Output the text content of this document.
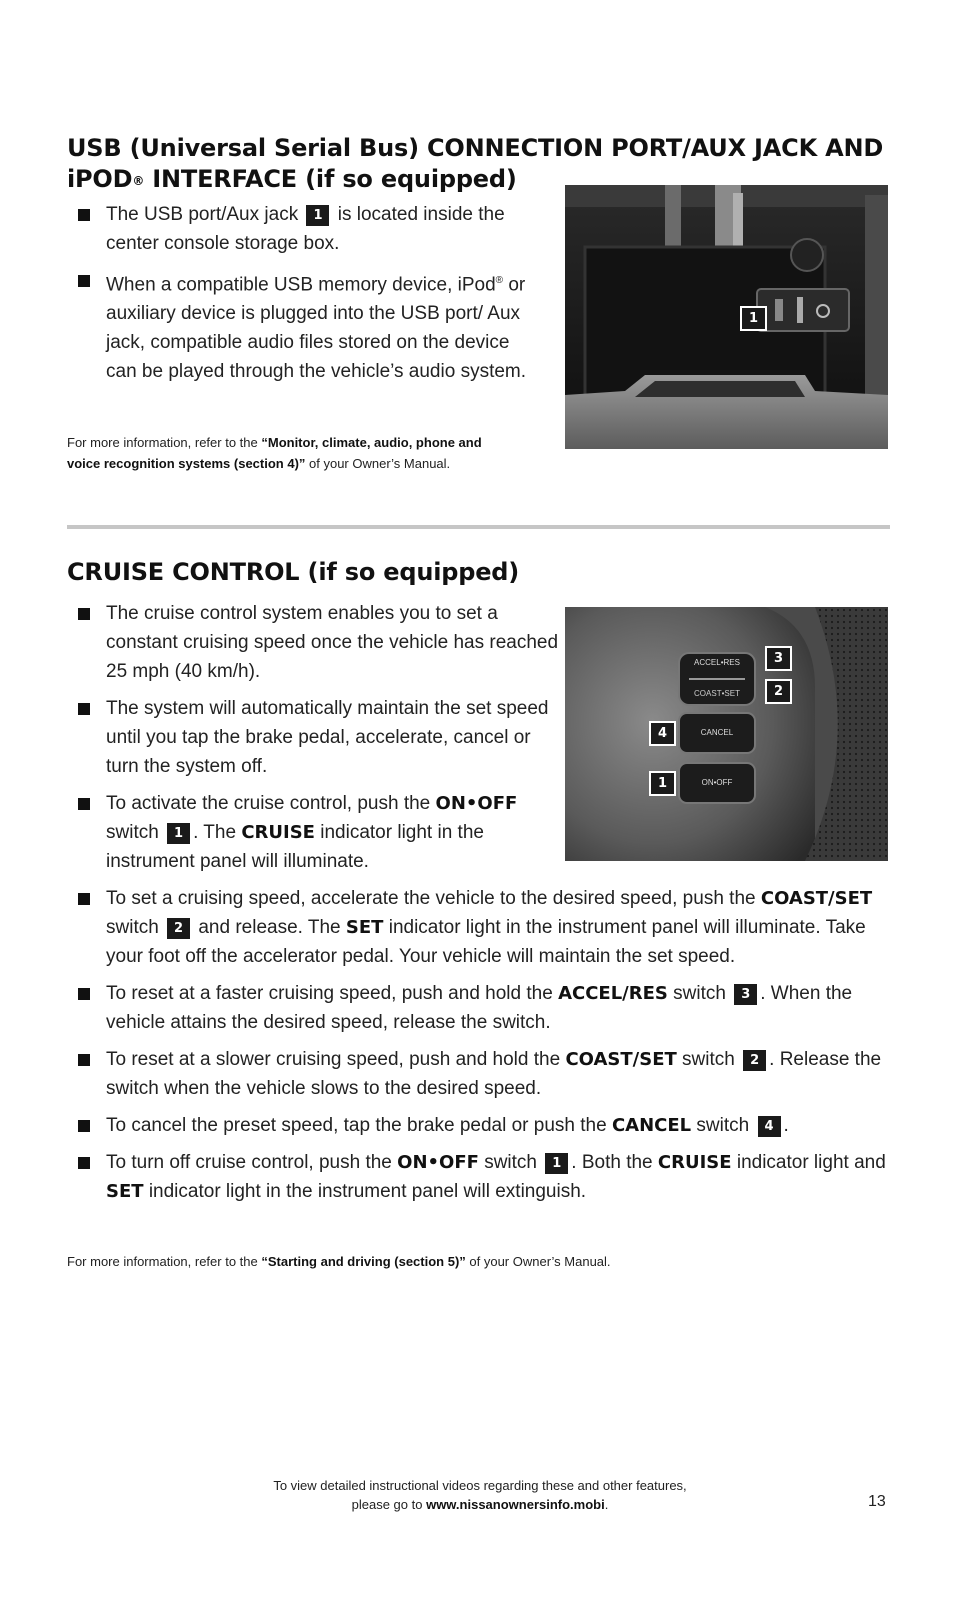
USB (Universal Serial Bus) CONNECTION PORT/AUX JACK AND
iPOD® INTERFACE (if so equipped)
The USB port/Aux jack 1 is located inside the center console storage box.
When a compatible USB memory device, iPod® or auxiliary device is plugged into the USB port/ Aux jack, compatible audio files stored on the device can be played through the vehicle’s audio system.

For more information, refer to the “Monitor, climate, audio, phone and voice recognition systems (section 4)” of your Owner’s Manual.

1
CRUISE CONTROL (if so equipped)
The cruise control system enables you to set a constant cruising speed once the vehicle has reached 25 mph (40 km/h).
The system will automatically maintain the set speed until you tap the brake pedal, accelerate, cancel or turn the system off.
To activate the cruise control, push the ON•OFF switch 1 . The CRUISE indicator light in the instrument panel will illuminate.
To set a cruising speed, accelerate the vehicle to the desired speed, push the COAST/SET switch 2 and release. The SET indicator light in the instrument panel will illuminate. Take your foot off the accelerator pedal. Your vehicle will maintain the set speed.
To reset at a faster cruising speed, push and hold the ACCEL/RES switch 3 . When the vehicle attains the desired speed, release the switch.
To reset at a slower cruising speed, push and hold the COAST/SET switch 2 . Release the switch when the vehicle slows to the desired speed.
To cancel the preset speed, tap the brake pedal or push the CANCEL switch 4 .
To turn off cruise control, push the ON•OFF switch 1 . Both the CRUISE indicator light and SET indicator light in the instrument panel will extinguish.

For more information, refer to the “Starting and driving (section 5)” of your Owner’s Manual.

ACCEL•RES
COAST•SET
CANCEL
ON•OFF
3
2
4
1
To view detailed instructional videos regarding these and other features,
please go to www.nissanownersinfo.mobi.	13
